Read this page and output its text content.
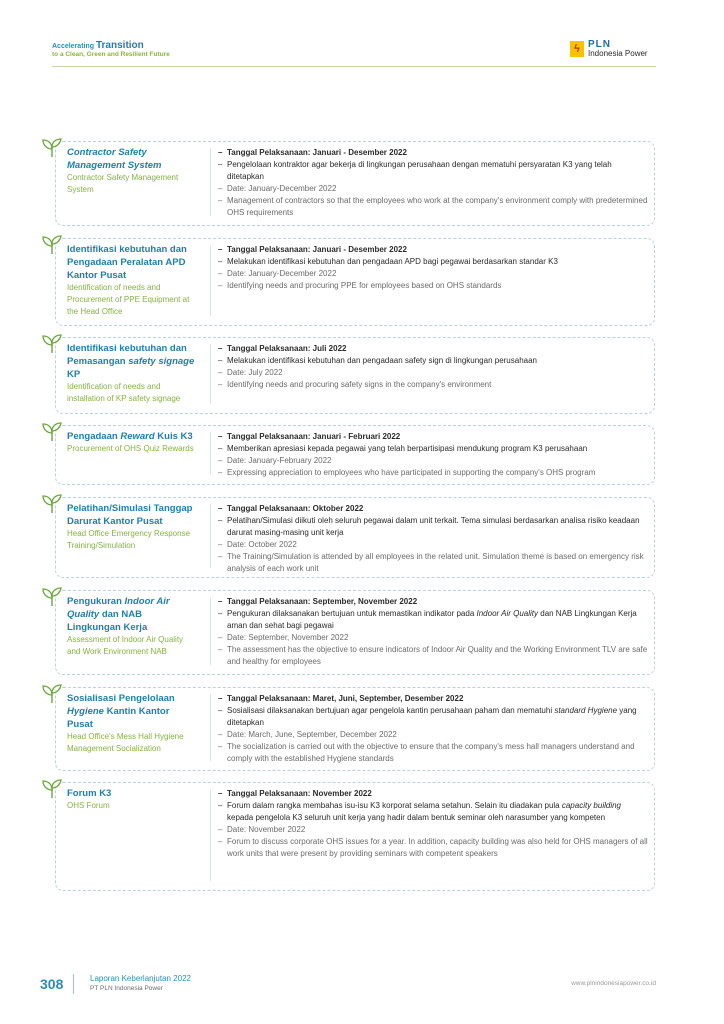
Accelerating Transition
to a Clean, Green and Resilient Future	ϟ PLN
Indonesia Power
Contractor Safety Management System
Contractor Safety Management System
– Tanggal Pelaksanaan: Januari - Desember 2022
– Pengelolaan kontraktor agar bekerja di lingkungan perusahaan dengan mematuhi persyaratan K3 yang telah ditetapkan
– Date: January-December 2022
– Management of contractors so that the employees who work at the company's environment comply with predetermined OHS requirements
Identifikasi kebutuhan dan Pengadaan Peralatan APD Kantor Pusat
Identification of needs and Procurement of PPE Equipment at the Head Office
– Tanggal Pelaksanaan: Januari - Desember 2022
– Melakukan identifikasi kebutuhan dan pengadaan APD bagi pegawai berdasarkan standar K3
– Date: January-December 2022
– Identifying needs and procuring PPE for employees based on OHS standards
Identifikasi kebutuhan dan Pemasangan safety signage KP
Identification of needs and installation of KP safety signage
– Tanggal Pelaksanaan: Juli 2022
– Melakukan identifikasi kebutuhan dan pengadaan safety sign di lingkungan perusahaan
– Date: July 2022
– Identifying needs and procuring safety signs in the company's environment
Pengadaan Reward Kuis K3
Procurement of OHS Quiz Rewards
– Tanggal Pelaksanaan: Januari - Februari 2022
– Memberikan apresiasi kepada pegawai yang telah berpartisipasi mendukung program K3 perusahaan
– Date: January-February 2022
– Expressing appreciation to employees who have participated in supporting the company's OHS program
Pelatihan/Simulasi Tanggap Darurat Kantor Pusat
Head Office Emergency Response Training/Simulation
– Tanggal Pelaksanaan: Oktober 2022
– Pelatihan/Simulasi diikuti oleh seluruh pegawai dalam unit terkait. Tema simulasi berdasarkan analisa risiko keadaan darurat masing-masing unit kerja
– Date: October 2022
– The Training/Simulation is attended by all employees in the related unit. Simulation theme is based on emergency risk analysis of each work unit
Pengukuran Indoor Air Quality dan NAB Lingkungan Kerja
Assessment of Indoor Air Quality and Work Environment NAB
– Tanggal Pelaksanaan: September, November 2022
– Pengukuran dilaksanakan bertujuan untuk memastikan indikator pada Indoor Air Quality dan NAB Lingkungan Kerja aman dan sehat bagi pegawai
– Date: September, November 2022
– The assessment has the objective to ensure indicators of Indoor Air Quality and the Working Environment TLV are safe and healthy for employees
Sosialisasi Pengelolaan Hygiene Kantin Kantor Pusat
Head Office's Mess Hall Hygiene Management Socialization
– Tanggal Pelaksanaan: Maret, Juni, September, Desember 2022
– Sosialisasi dilaksanakan bertujuan agar pengelola kantin perusahaan paham dan mematuhi standard Hygiene yang ditetapkan
– Date: March, June, September, December 2022
– The socialization is carried out with the objective to ensure that the company's mess hall managers understand and comply with the established Hygiene standards
Forum K3
OHS Forum
– Tanggal Pelaksanaan: November 2022
– Forum dalam rangka membahas isu-isu K3 korporat selama setahun. Selain itu diadakan pula capacity building kepada pengelola K3 seluruh unit kerja yang hadir dalam bentuk seminar oleh narasumber yang kompeten
– Date: November 2022
– Forum to discuss corporate OHS issues for a year. In addition, capacity building was also held for OHS managers of all work units that were present by providing seminars with competent speakers
308	Laporan Keberlanjutan 2022
PT PLN Indonesia Power
www.plnindonesiapower.co.id
